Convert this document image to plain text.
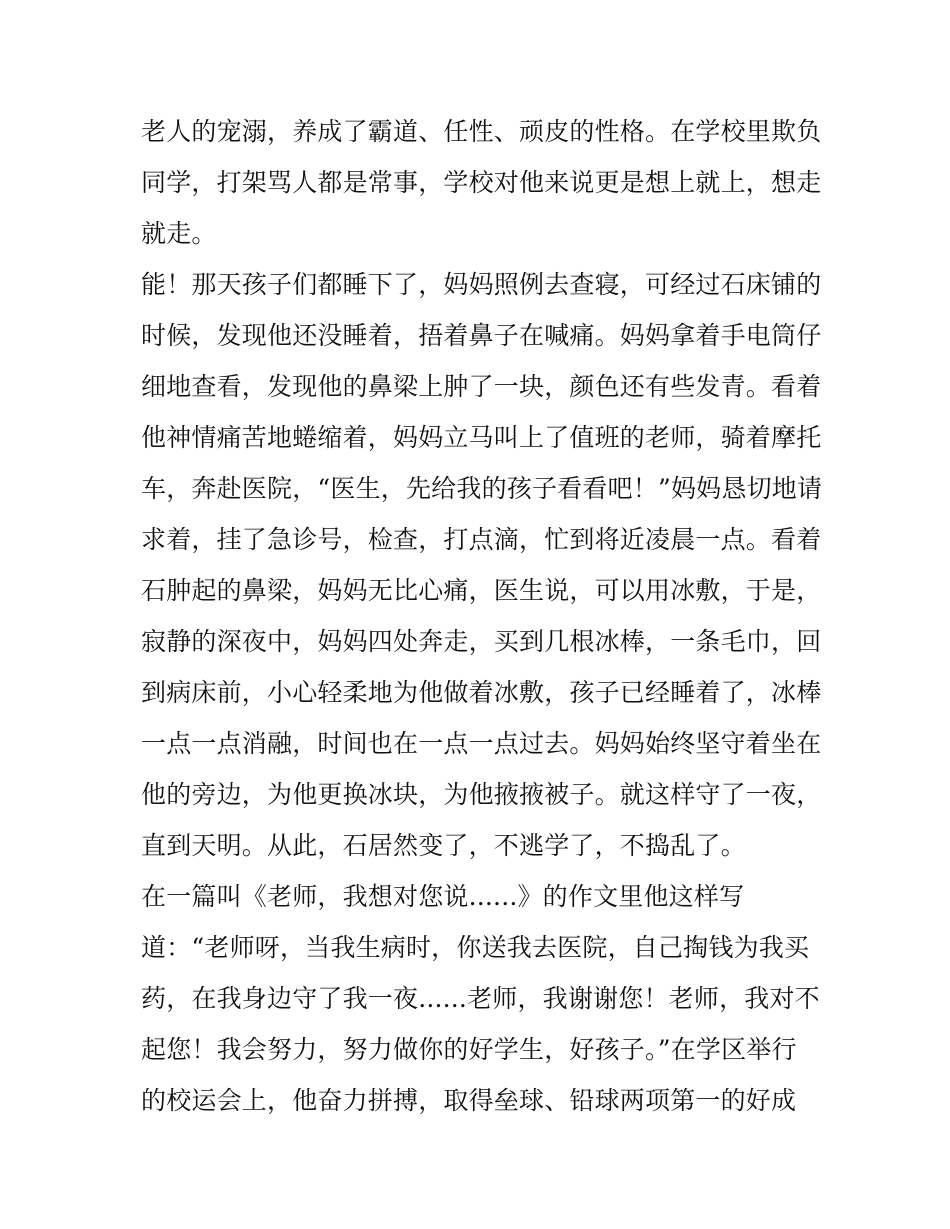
老人的宠溺，养成了霸道、任性、顽皮的性格。在学校里欺负
同学，打架骂人都是常事，学校对他来说更是想上就上，想走
就走。
能！那天孩子们都睡下了，妈妈照例去查寝，可经过石床铺的
时候，发现他还没睡着，捂着鼻子在喊痛。妈妈拿着手电筒仔
细地查看，发现他的鼻梁上肿了一块，颜色还有些发青。看着
他神情痛苦地蜷缩着，妈妈立马叫上了值班的老师，骑着摩托
车，奔赴医院，“医生，先给我的孩子看看吧！”妈妈恳切地请
求着，挂了急诊号，检查，打点滴，忙到将近凌晨一点。看着
石肿起的鼻梁，妈妈无比心痛，医生说，可以用冰敷，于是，
寂静的深夜中，妈妈四处奔走，买到几根冰棒，一条毛巾，回
到病床前，小心轻柔地为他做着冰敷，孩子已经睡着了，冰棒
一点一点消融，时间也在一点一点过去。妈妈始终坚守着坐在
他的旁边，为他更换冰块，为他掖掖被子。就这样守了一夜，
直到天明。从此，石居然变了，不逃学了，不捣乱了。
在一篇叫《老师，我想对您说......》的作文里他这样写
道：“老师呀，当我生病时，你送我去医院，自己掏钱为我买
药，在我身边守了我一夜......老师，我谢谢您！老师，我对不
起您！我会努力，努力做你的好学生，好孩子。”在学区举行
的校运会上，他奋力拼搏，取得垒球、铅球两项第一的好成
